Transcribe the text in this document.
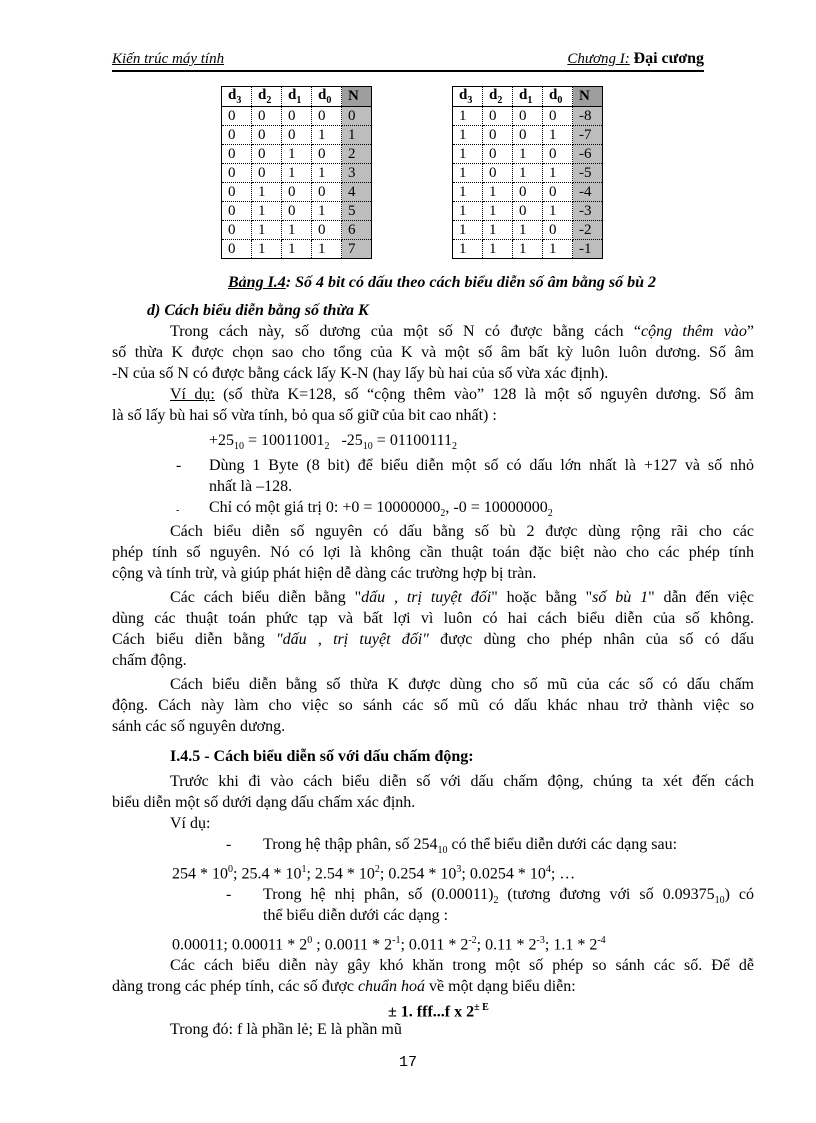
Kiến trúc máy tính	Chương I: Đại cương
$d_3$	$d_2$	$d_1$	$d_0$	N
0	0	0	0	0
0	0	0	1	1
0	0	1	0	2
0	0	1	1	3
0	1	0	0	4
0	1	0	1	5
0	1	1	0	6
0	1	1	1	7
$d_3$	$d_2$	$d_1$	$d_0$	N
1	0	0	0	-8
1	0	0	1	-7
1	0	1	0	-6
1	0	1	1	-5
1	1	0	0	-4
1	1	0	1	-3
1	1	1	0	-2
1	1	1	1	-1
Bảng I.4: Số 4 bit có dấu theo cách biểu diễn số âm bằng số bù 2
d) Cách biểu diễn bằng số thừa K
Trong cách này, số dương của một số N có được bằng cách “cộng thêm vào”
số thừa K được chọn sao cho tổng của K và một số âm bất kỳ luôn luôn dương. Số âm
-N của số N có được bằng các​k lấy K-N (hay lấy bù hai của số vừa xác định).
Ví dụ: (số thừa K=128, số “cộng thêm vào” 128 là một số nguyên dương. Số âm
là số lấy bù hai số vừa tính, bỏ qua số giữ của bit cao nhất) :
$+25_{10} = 10011001_2$   $-25_{10} = 01100111_2$
- Dùng 1 Byte (8 bit) để biểu diễn một số có dấu lớn nhất là +127 và số nhỏ
nhất là –128.
- Chỉ có một giá trị 0: $+0 = 10000000_2$, $-0 = 10000000_2$
Cách biểu diễn số nguyên có dấu bằng số bù 2 được dùng rộng rãi cho các
phép tính số nguyên. Nó có lợi là không cần thuật toán đặc biệt nào cho các phép tính
cộng và tính trừ, và giúp phát hiện dễ dàng các trường hợp bị tràn.
Các cách biểu diễn bằng "dấu , trị tuyệt đối" hoặc bằng "số bù 1" dẫn đến việc
dùng các thuật toán phức tạp và bất lợi vì luôn có hai cách biểu diễn của số không.
Cách biểu diễn bằng "dấu , trị tuyệt đối" được dùng cho phép nhân của số có dấu
chấm động.
Cách biểu diễn bằng số thừa K được dùng cho số mũ của các số có dấu chấm
động. Cách này làm cho việc so sánh các số mũ có dấu khác nhau trở thành việc so
sánh các số nguyên dương.
I.4.5 - Cách biểu diễn số với dấu chấm động:
Trước khi đi vào cách biểu diễn số với dấu chấm động, chúng ta xét đến cách
biểu diễn một số dưới dạng dấu chấm xác định.
Ví dụ:
- Trong hệ thập phân, số $254_{10}$ có thể biểu diễn dưới các dạng sau:
$254 * 10^0$; $25.4 * 10^1$; $2.54 * 10^2$; $0.254 * 10^3$; $0.0254 * 10^4$; …
- Trong hệ nhị phân, số $(0.00011)_2$ (tương đương với số $0.09375_{10}$) có
thể biểu diễn dưới các dạng :
0.00011; $0.00011 * 2^0$ ; $0.0011 * 2^{-1}$; $0.011 * 2^{-2}$; $0.11 * 2^{-3}$; $1.1 * 2^{-4}$
Các cách biểu diễn này gây khó khăn trong một số phép so sánh các số. Để dễ
dàng trong các phép tính, các số được chuẩn hoá về một dạng biểu diễn:
± 1. fff...f x $2^{\pm E}$
Trong đó: f là phần lẻ; E là phần mũ
17
